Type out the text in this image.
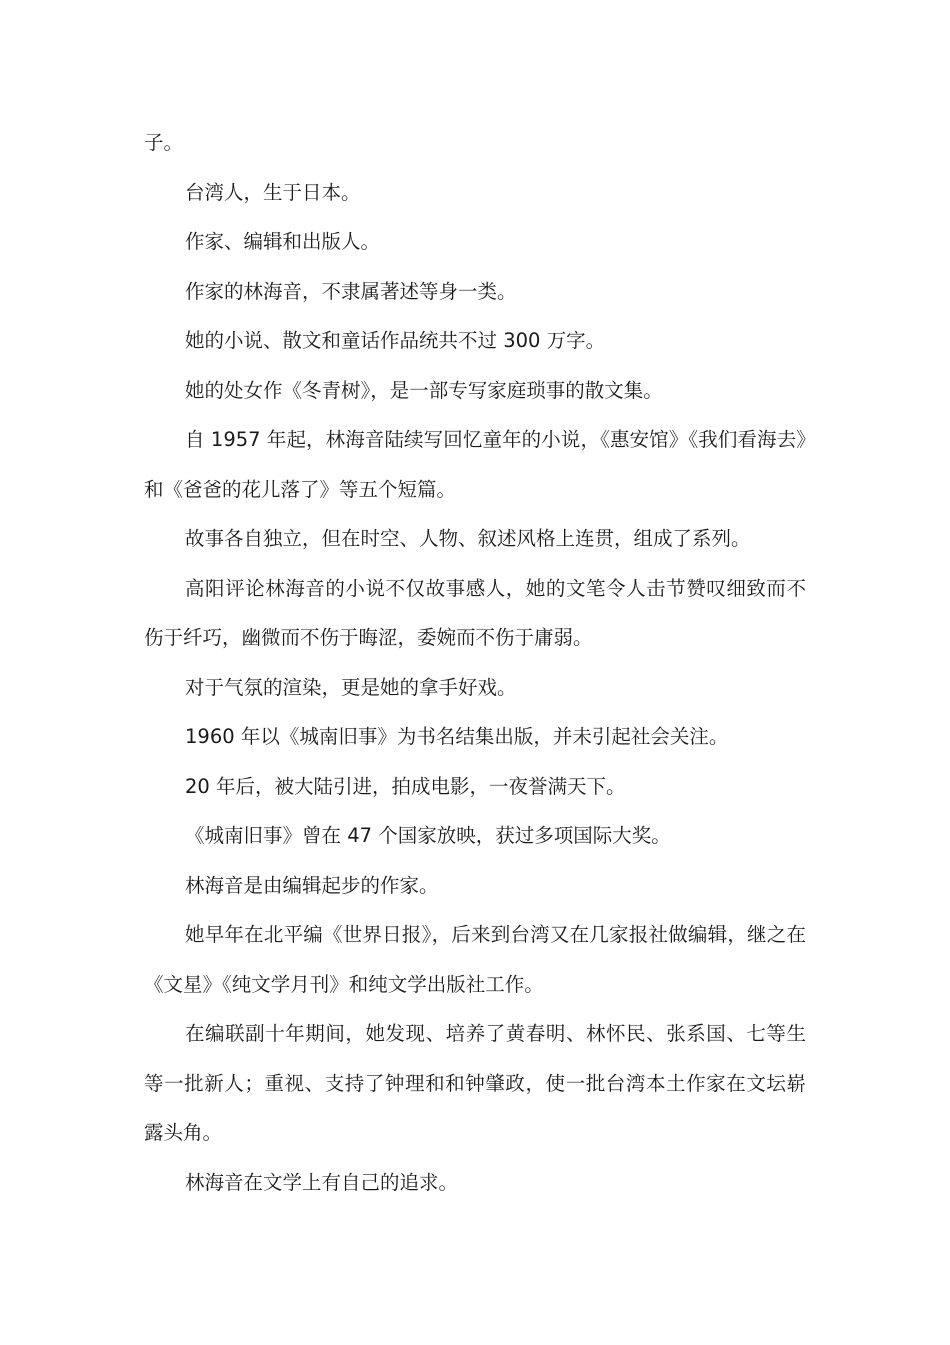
子。

台湾人，生于日本。

作家、编辑和出版人。

作家的林海音，不隶属著述等身一类。

她的小说、散文和童话作品统共不过 300 万字。

她的处女作《冬青树》，是一部专写家庭琐事的散文集。

自 1957 年起，林海音陆续写回忆童年的小说，《惠安馆》《我们看海去》和《爸爸的花儿落了》等五个短篇。

故事各自独立，但在时空、人物、叙述风格上连贯，组成了系列。

高阳评论林海音的小说不仅故事感人，她的文笔令人击节赞叹细致而不伤于纤巧，幽微而不伤于晦涩，委婉而不伤于庸弱。

对于气氛的渲染，更是她的拿手好戏。

1960 年以《城南旧事》为书名结集出版，并未引起社会关注。

20 年后，被大陆引进，拍成电影，一夜誉满天下。

《城南旧事》曾在 47 个国家放映，获过多项国际大奖。

林海音是由编辑起步的作家。

她早年在北平编《世界日报》，后来到台湾又在几家报社做编辑，继之在《文星》《纯文学月刊》和纯文学出版社工作。

在编联副十年期间，她发现、培养了黄春明、林怀民、张系国、七等生等一批新人；重视、支持了钟理和和钟肇政，使一批台湾本土作家在文坛崭露头角。

林海音在文学上有自己的追求。
